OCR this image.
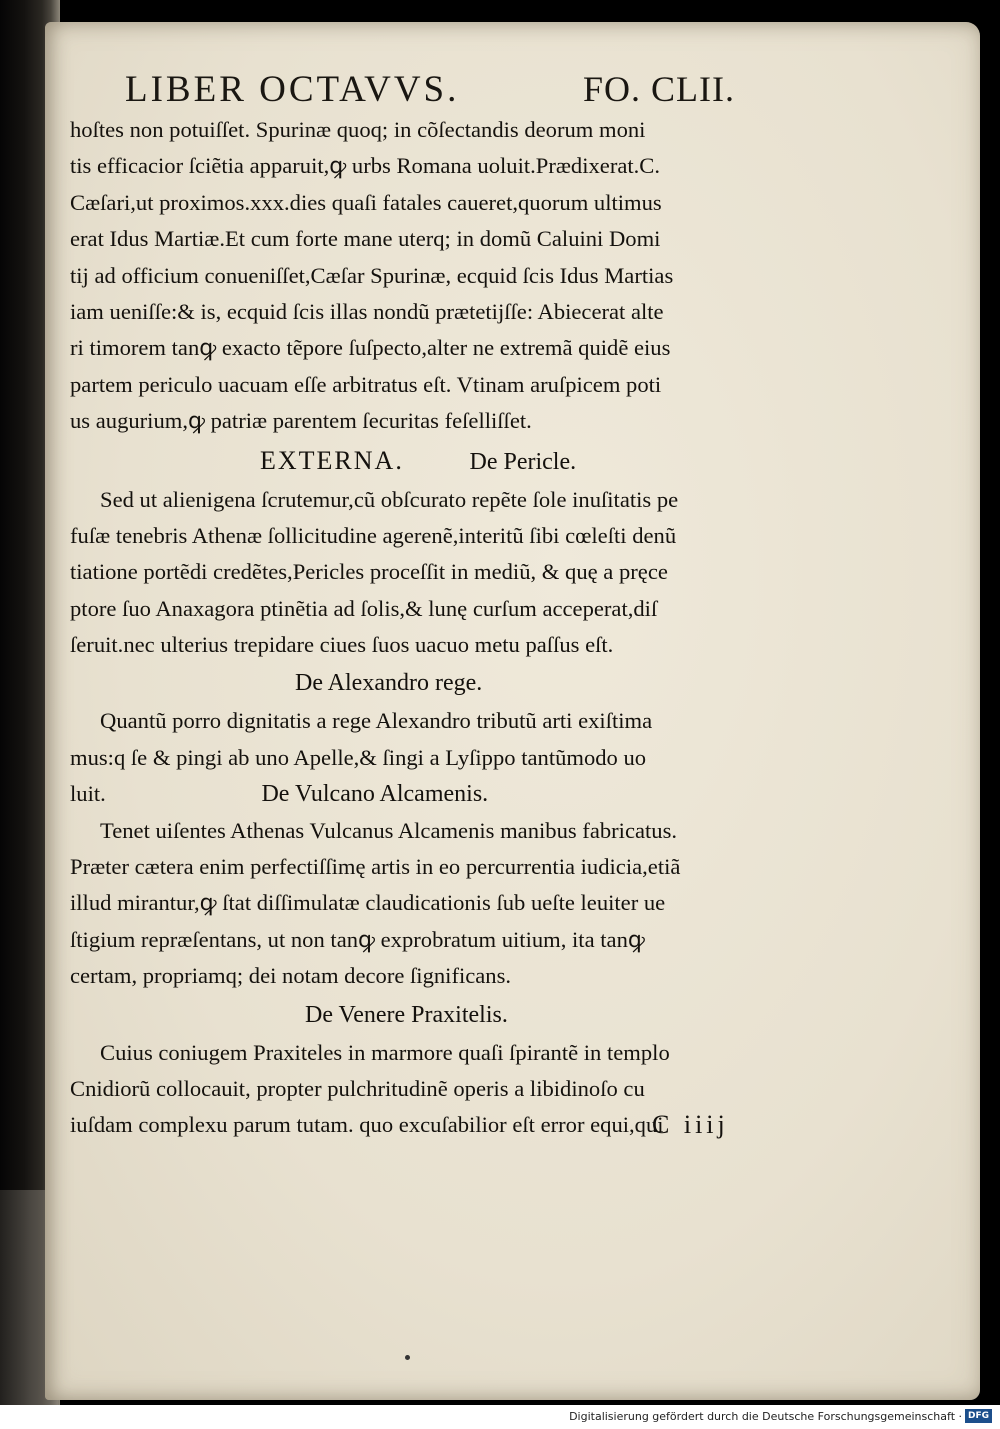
LIBER OCTAVVS.	FO. CLII.
hoſtes non potuiſſet. Spurinæ quoq; in cõſectandis deorum moni
tis efficacior ſciẽtia apparuit,ꝙ urbs Romana uoluit.Prædixerat.C.
Cæſari,ut proximos.xxx.dies quaſi fatales caueret,quorum ultimus
erat Idus Martiæ.Et cum forte mane uterq; in domũ Caluini Domi
tij ad officium conueniſſet,Cæſar Spurinæ, ecquid ſcis Idus Martias
iam ueniſſe:& is, ecquid ſcis illas nondũ prætetijſſe: Abiecerat alte
ri timorem tanꝙ exacto tẽpore ſuſpecto,alter ne extremã quidẽ eius
partem periculo uacuam eſſe arbitratus eſt. Vtinam aruſpicem poti
us augurium,ꝙ patriæ parentem ſecuritas feſelliſſet.
EXTERNA.	De Pericle.
Sed ut alienigena ſcrutemur,cũ obſcurato repẽte ſole inuſitatis pe
fuſæ tenebris Athenæ ſollicitudine agerenẽ,interitũ ſibi cœleſti denũ
tiatione portẽdi credẽtes,Pericles proceſſit in mediũ, & quę a pręce
ptore ſuo Anaxagora ptinẽtia ad ſolis,& lunę curſum acceperat,diſ
ſeruit.nec ulterius trepidare ciues ſuos uacuo metu paſſus eſt.
De Alexandro rege.
Quantũ porro dignitatis a rege Alexandro tributũ arti exiſtima
mus:q ſe & pingi ab uno Apelle,& ſingi a Lyſippo tantũmodo uo
luit.	De Vulcano Alcamenis.
Tenet uiſentes Athenas Vulcanus Alcamenis manibus fabricatus.
Præter cætera enim perfectiſſimę artis in eo percurrentia iudicia,etiã
illud mirantur,ꝙ ſtat diſſimulatæ claudicationis ſub ueſte leuiter ue
ſtigium repræſentans, ut non tanꝙ exprobratum uitium, ita tanꝙ
certam, propriamq; dei notam decore ſignificans.
De Venere Praxitelis.
Cuius coniugem Praxiteles in marmore quaſi ſpirantẽ in templo
Cnidiorũ collocauit, propter pulchritudinẽ operis a libidinoſo cu
iuſdam complexu parum tutam. quo excuſabilior eſt error equi,qui
C iiij
Digitalisierung gefördert durch die Deutsche Forschungsgemeinschaft · DFG
